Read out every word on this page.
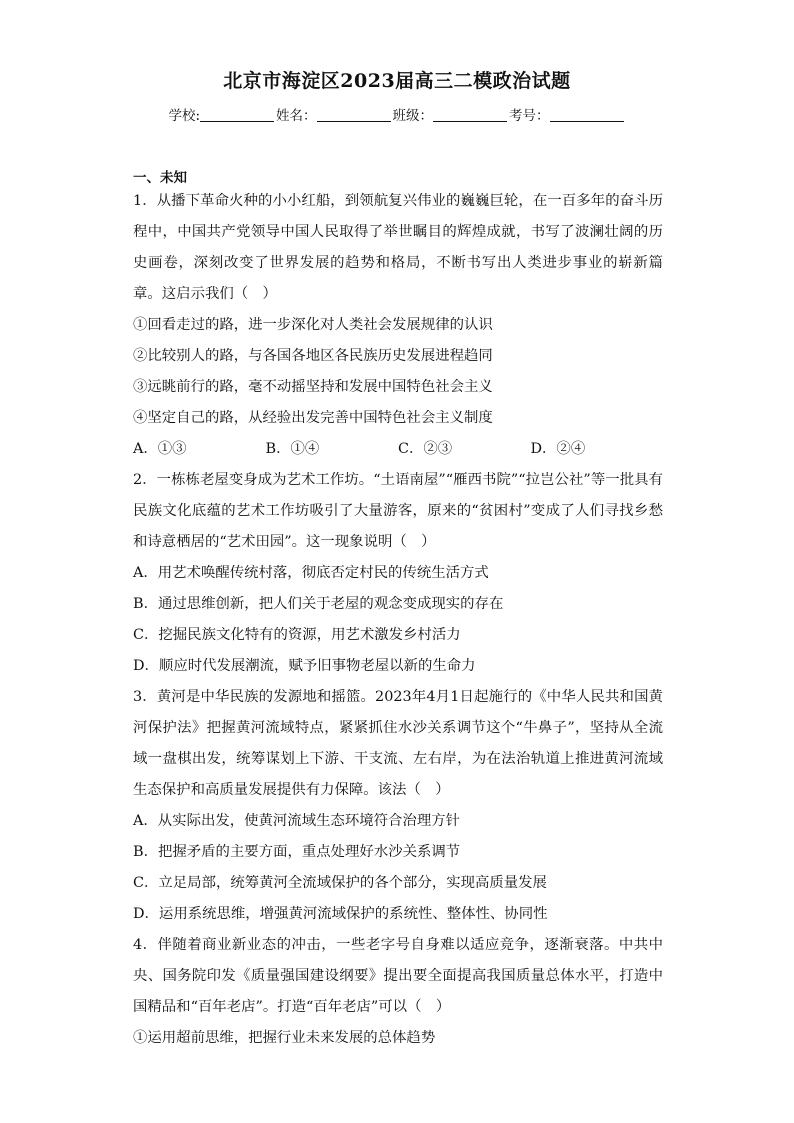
北京市海淀区2023届高三二模政治试题
学校:	姓名：	班级：	考号：
一、未知

1．从播下革命火种的小小红船，到领航复兴伟业的巍巍巨轮，在一百多年的奋斗历程中，中国共产党领导中国人民取得了举世瞩目的辉煌成就，书写了波澜壮阔的历史画卷，深刻改变了世界发展的趋势和格局，不断书写出人类进步事业的崭新篇章。这启示我们（　）

①回看走过的路，进一步深化对人类社会发展规律的认识

②比较别人的路，与各国各地区各民族历史发展进程趋同

③远眺前行的路，毫不动摇坚持和发展中国特色社会主义

④坚定自己的路，从经验出发完善中国特色社会主义制度

A．①③	B．①④	C．②③	D．②④

2．一栋栋老屋变身成为艺术工作坊。“土语南屋”“雁西书院”“拉岂公社”等一批具有民族文化底蕴的艺术工作坊吸引了大量游客，原来的“贫困村”变成了人们寻找乡愁和诗意栖居的“艺术田园”。这一现象说明（　）

A．用艺术唤醒传统村落，彻底否定村民的传统生活方式

B．通过思维创新，把人们关于老屋的观念变成现实的存在

C．挖掘民族文化特有的资源，用艺术激发乡村活力

D．顺应时代发展潮流，赋予旧事物老屋以新的生命力

3．黄河是中华民族的发源地和摇篮。2023年4月1日起施行的《中华人民共和国黄河保护法》把握黄河流域特点，紧紧抓住水沙关系调节这个“牛鼻子”，坚持从全流域一盘棋出发，统筹谋划上下游、干支流、左右岸，为在法治轨道上推进黄河流域生态保护和高质量发展提供有力保障。该法（　）

A．从实际出发，使黄河流域生态环境符合治理方针

B．把握矛盾的主要方面，重点处理好水沙关系调节

C．立足局部，统筹黄河全流域保护的各个部分，实现高质量发展

D．运用系统思维，增强黄河流域保护的系统性、整体性、协同性

4．伴随着商业新业态的冲击，一些老字号自身难以适应竞争，逐渐衰落。中共中央、国务院印发《质量强国建设纲要》提出要全面提高我国质量总体水平，打造中国精品和“百年老店”。打造“百年老店”可以（　）

①运用超前思维，把握行业未来发展的总体趋势
